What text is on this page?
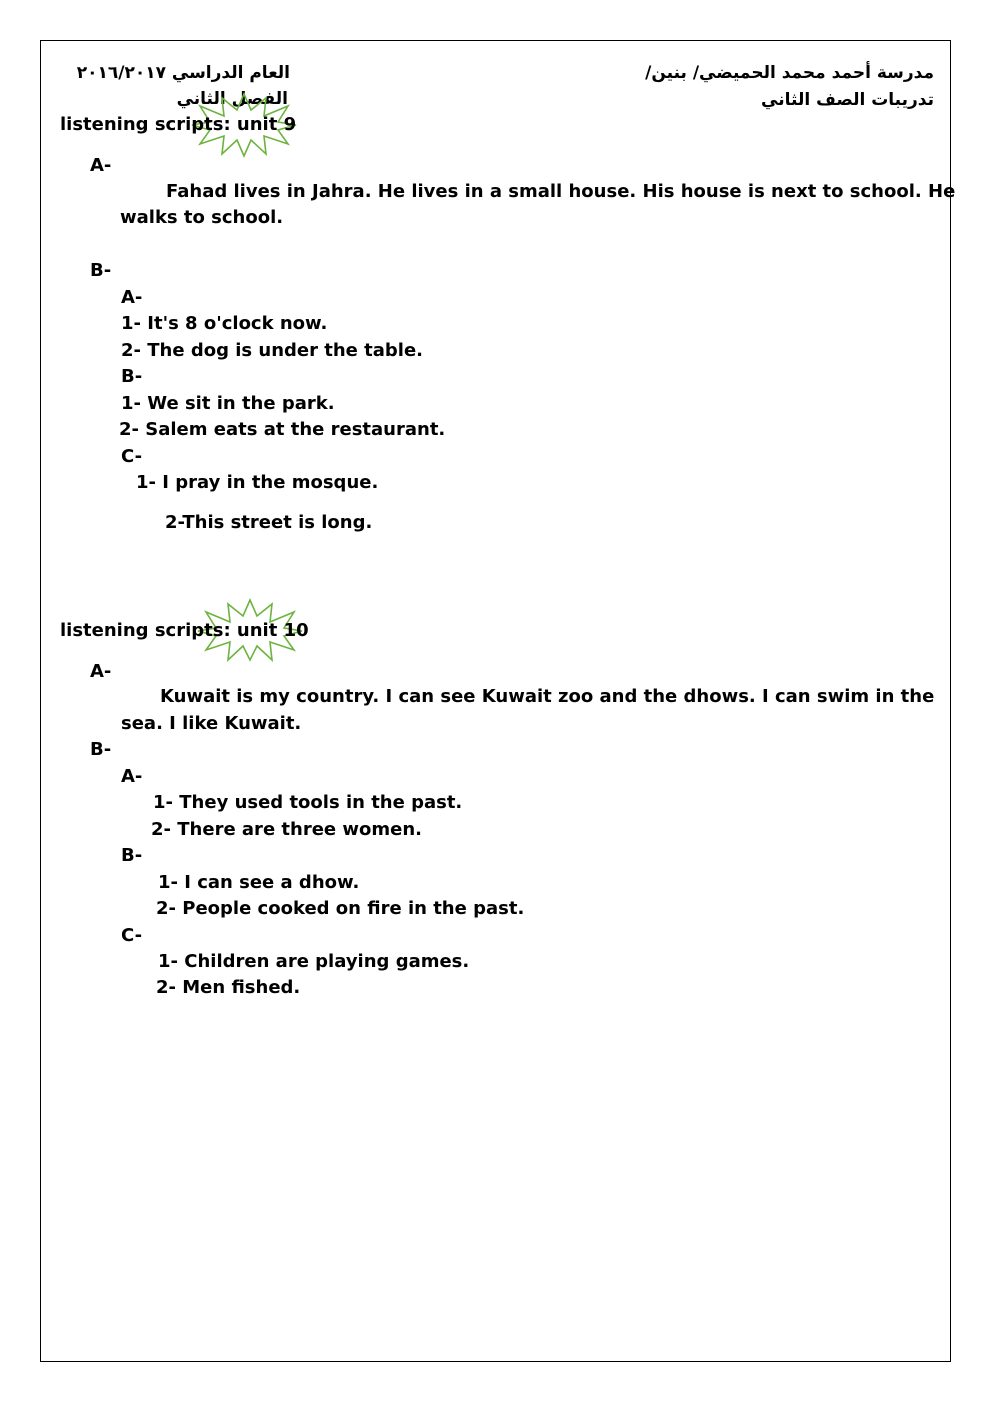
مدرسة أحمد محمد الحميضي/ بنين/
تدريبات الصف الثاني
العام الدراسي ٢٠١٦/٢٠١٧
الفصل الثاني
listening scripts: unit 9
A-
Fahad lives in Jahra. He lives in a small house. His house is next to school. He
walks to school.
B-
A-
1- It's 8 o'clock now.
2- The dog is under the table.
B-
1- We sit in the park.
2- Salem eats at the restaurant.
C-
1- I pray in the mosque.
2-This street is long.
listening scripts: unit 10
A-
Kuwait is my country. I can see Kuwait zoo and the dhows. I can swim in the
sea. I like Kuwait.
B-
A-
1- They used tools in the past.
2- There are three women.
B-
1- I can see a dhow.
2- People cooked on fire in the past.
C-
1- Children are playing games.
2- Men fished.
